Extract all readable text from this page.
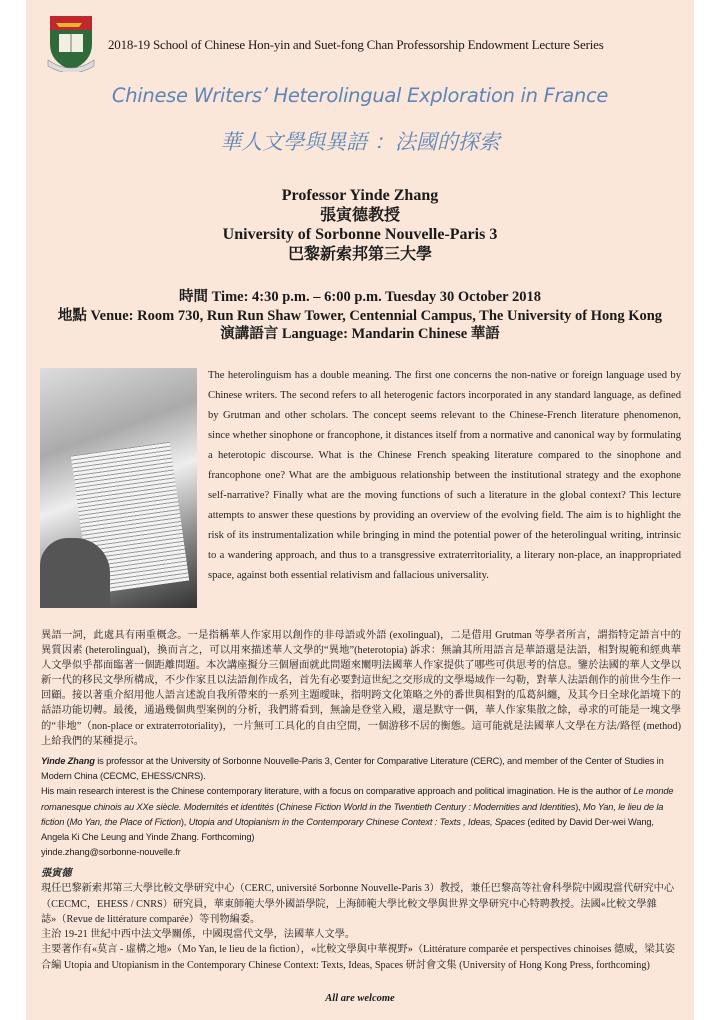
2018-19 School of Chinese Hon-yin and Suet-fong Chan Professorship Endowment Lecture Series
Chinese Writers’ Heterolingual Exploration in France
華人文學與異語 ：法國的探索
Professor Yinde Zhang
張寅德教授
University of Sorbonne Nouvelle-Paris 3
巴黎新索邦第三大學
時間 Time: 4:30 p.m. – 6:00 p.m. Tuesday 30 October 2018
地點 Venue: Room 730, Run Run Shaw Tower, Centennial Campus, The University of Hong Kong
演講語言 Language: Mandarin Chinese 華語
The heterolinguism has a double meaning. The first one concerns the non-native or foreign language used by Chinese writers. The second refers to all heterogenic factors incorporated in any standard language, as defined by Grutman and other scholars. The concept seems relevant to the Chinese-French literature phenomenon, since whether sinophone or francophone, it distances itself from a normative and canonical way by formulating a heterotopic discourse. What is the Chinese French speaking literature compared to the sinophone and francophone one? What are the ambiguous relationship between the institutional strategy and the exophone self-narrative? Finally what are the moving functions of such a literature in the global context? This lecture attempts to answer these questions by providing an overview of the evolving field. The aim is to highlight the risk of its instrumentalization while bringing in mind the potential power of the heterolingual writing, intrinsic to a wandering approach, and thus to a transgressive extraterritoriality, a literary non-place, an inappropriated space, against both essential relativism and fallacious universality.
異語一詞，此處具有兩重概念。一是指稱華人作家用以創作的非母語或外語 (exolingual)，二是借用 Grutman 等學者所言，謂指特定語言中的異質因素 (heterolingual)，換而言之，可以用來描述華人文學的“異地”(heterotopia) 訴求：無論其所用語言是華語還是法語，相對規範和經典華人文學似乎都面臨著一個距離問題。本次講座擬分三個層面就此問題來闡明法國華人作家提供了哪些可供思考的信息。鑒於法國的華人文學以新一代的移民文學所構成，不少作家且以法語創作成名，首先有必要對這世紀之交形成的文學場域作一勾勒，對華人法語創作的前世今生作一回顧。接以著重介紹用他人語言述說自我所帶來的一系列主題曖昧，指明跨文化策略之外的番世與相對的瓜葛糾纏，及其今日全球化語境下的話語功能切轉。最後，通過幾個典型案例的分析，我們將看到，無論是登堂入殿，還是默守一偶，華人作家集散之餘，尋求的可能是一塊文學的“非地”（non-place or extraterrotoriality)，一片無可工具化的自由空間，一個游移不居的衡態。這可能就是法國華人文學在方法/路徑 (method)上給我們的某種提示。
Yinde Zhang is professor at the University of Sorbonne Nouvelle-Paris 3, Center for Comparative Literature (CERC), and member of the Center of Studies in Modern China (CECMC, EHESS/CNRS).
His main research interest is the Chinese contemporary literature, with a focus on comparative approach and political imagination. He is the author of Le monde romanesque chinois au XXe siècle. Modernités et identités (Chinese Fiction World in the Twentieth Century : Modernities and Identities), Mo Yan, le lieu de la fiction (Mo Yan, the Place of Fiction), Utopia and Utopianism in the Contemporary Chinese Context : Texts , Ideas, Spaces (edited by David Der-wei Wang, Angela Ki Che Leung and Yinde Zhang. Forthcoming)
yinde.zhang@sorbonne-nouvelle.fr
張寅德
現任巴黎新索邦第三大學比較文學研究中心（CERC, université Sorbonne Nouvelle-Paris 3）教授，兼任巴黎高等社會科學院中國現當代研究中心（CECMC，EHESS / CNRS）研究員，華東師範大學外國語學院，上海師範大學比較文學與世界文學研究中心特聘教授。法國«比較文學雜誌»（Revue de littérature comparée）等刊物編委。
主治 19-21 世紀中西中法文學關係，中國現當代文學，法國華人文學。
主要著作有«莫言 - 虛構之地»（Mo Yan, le lieu de la fiction），«比較文學與中華視野»（Littérature comparée et perspectives chinoises 德威，梁其姿合編 Utopia and Utopianism in the Contemporary Chinese Context: Texts, Ideas, Spaces 研討會文集 (University of Hong Kong Press, forthcoming)
All are welcome
